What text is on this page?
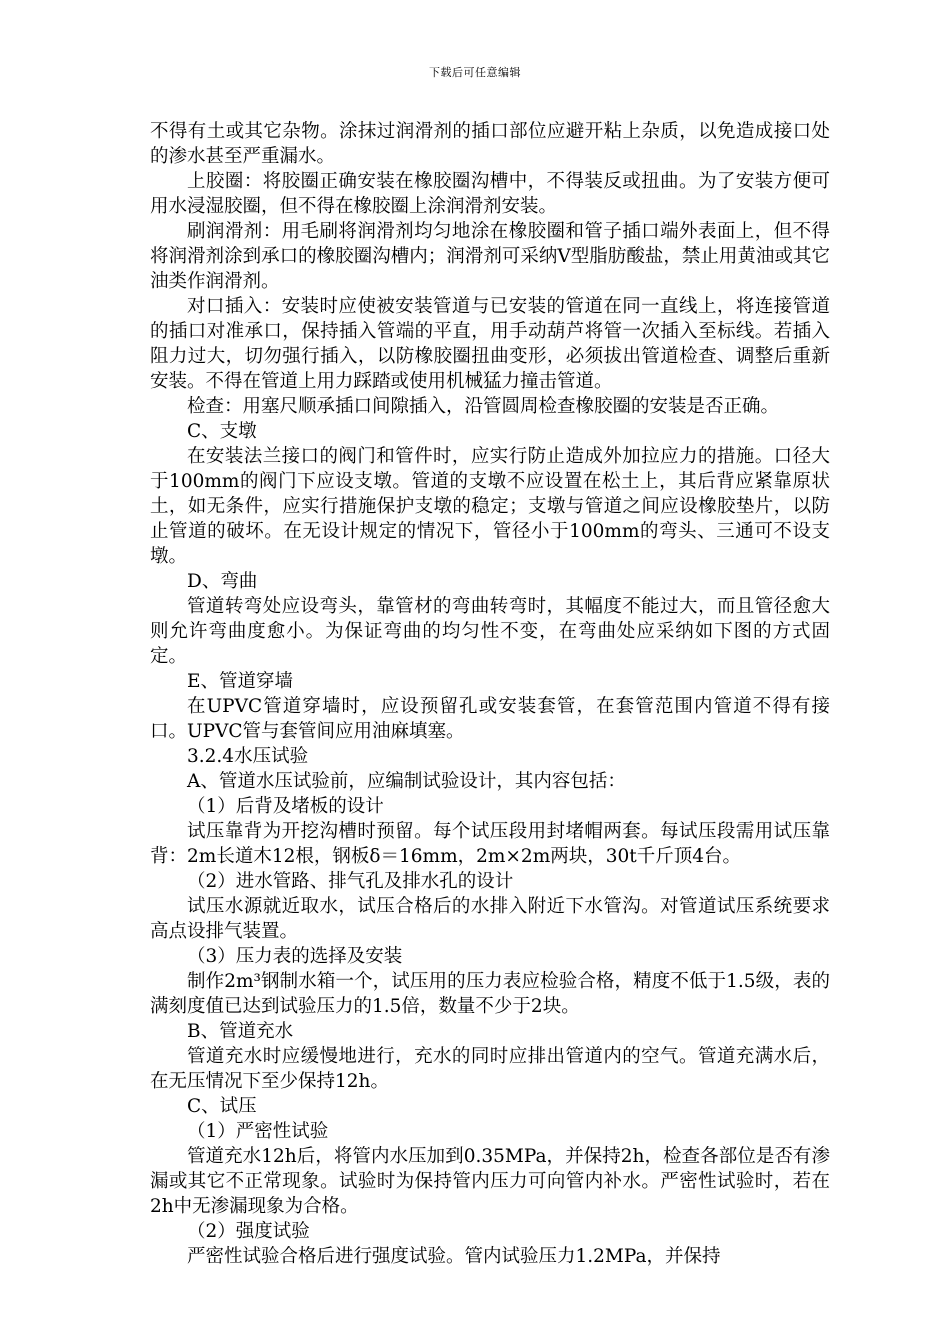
下载后可任意编辑

不得有土或其它杂物。涂抹过润滑剂的插口部位应避开粘上杂质，以免造成接口处的渗水甚至严重漏水。

上胶圈：将胶圈正确安装在橡胶圈沟槽中，不得装反或扭曲。为了安装方便可用水浸湿胶圈，但不得在橡胶圈上涂润滑剂安装。

刷润滑剂：用毛刷将润滑剂均匀地涂在橡胶圈和管子插口端外表面上，但不得将润滑剂涂到承口的橡胶圈沟槽内；润滑剂可采纳V型脂肪酸盐，禁止用黄油或其它油类作润滑剂。

对口插入：安装时应使被安装管道与已安装的管道在同一直线上，将连接管道的插口对准承口，保持插入管端的平直，用手动葫芦将管一次插入至标线。若插入阻力过大，切勿强行插入，以防橡胶圈扭曲变形，必须拔出管道检查、调整后重新安装。不得在管道上用力踩踏或使用机械猛力撞击管道。

检查：用塞尺顺承插口间隙插入，沿管圆周检查橡胶圈的安装是否正确。

C、支墩

在安装法兰接口的阀门和管件时，应实行防止造成外加拉应力的措施。口径大于100mm的阀门下应设支墩。管道的支墩不应设置在松土上，其后背应紧靠原状土，如无条件，应实行措施保护支墩的稳定；支墩与管道之间应设橡胶垫片，以防止管道的破坏。在无设计规定的情况下，管径小于100mm的弯头、三通可不设支墩。

D、弯曲

管道转弯处应设弯头，靠管材的弯曲转弯时，其幅度不能过大，而且管径愈大则允许弯曲度愈小。为保证弯曲的均匀性不变，在弯曲处应采纳如下图的方式固定。

E、管道穿墙

在UPVC管道穿墙时，应设预留孔或安装套管，在套管范围内管道不得有接口。UPVC管与套管间应用油麻填塞。

3.2.4水压试验

A、管道水压试验前，应编制试验设计，其内容包括：

（1）后背及堵板的设计

试压靠背为开挖沟槽时预留。每个试压段用封堵帽两套。每试压段需用试压靠背：2m长道木12根，钢板δ＝16mm，2m×2m两块，30t千斤顶4台。

（2）进水管路、排气孔及排水孔的设计

试压水源就近取水，试压合格后的水排入附近下水管沟。对管道试压系统要求高点设排气装置。

（3）压力表的选择及安装

制作2m³钢制水箱一个，试压用的压力表应检验合格，精度不低于1.5级，表的满刻度值已达到试验压力的1.5倍，数量不少于2块。

B、管道充水

管道充水时应缓慢地进行，充水的同时应排出管道内的空气。管道充满水后，在无压情况下至少保持12h。

C、试压

（1）严密性试验

管道充水12h后，将管内水压加到0.35MPa，并保持2h，检查各部位是否有渗漏或其它不正常现象。试验时为保持管内压力可向管内补水。严密性试验时，若在2h中无渗漏现象为合格。

（2）强度试验

严密性试验合格后进行强度试验。管内试验压力1.2MPa，并保持
